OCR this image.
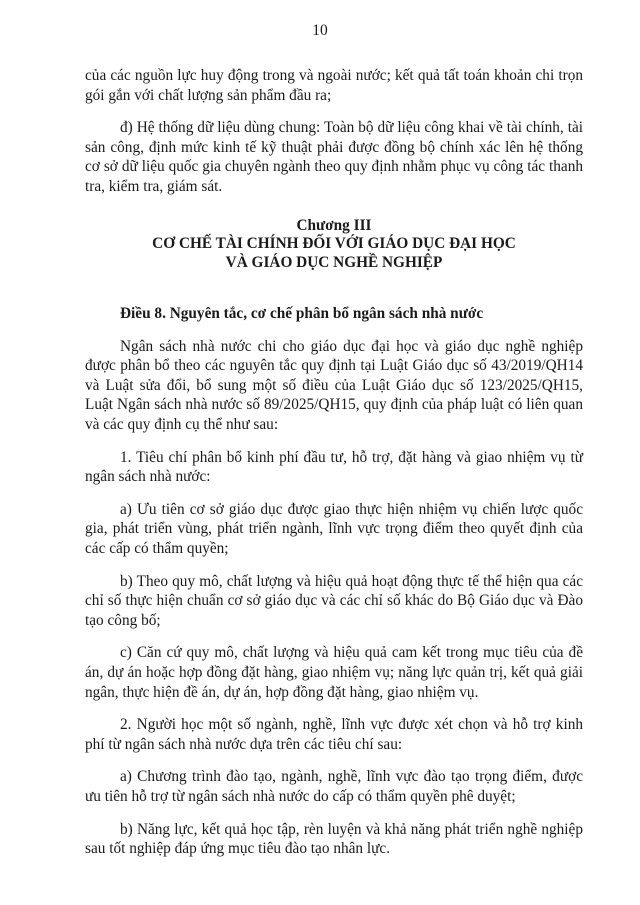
10

của các nguồn lực huy động trong và ngoài nước; kết quả tất toán khoản chi trọn gói gắn với chất lượng sản phẩm đầu ra;

đ) Hệ thống dữ liệu dùng chung: Toàn bộ dữ liệu công khai về tài chính, tài sản công, định mức kinh tế kỹ thuật phải được đồng bộ chính xác lên hệ thống cơ sở dữ liệu quốc gia chuyên ngành theo quy định nhằm phục vụ công tác thanh tra, kiểm tra, giám sát.

Chương III
CƠ CHẾ TÀI CHÍNH ĐỐI VỚI GIÁO DỤC ĐẠI HỌC
VÀ GIÁO DỤC NGHỀ NGHIỆP

Điều 8. Nguyên tắc, cơ chế phân bổ ngân sách nhà nước

Ngân sách nhà nước chi cho giáo dục đại học và giáo dục nghề nghiệp được phân bổ theo các nguyên tắc quy định tại Luật Giáo dục số 43/2019/QH14 và Luật sửa đổi, bổ sung một số điều của Luật Giáo dục số 123/2025/QH15, Luật Ngân sách nhà nước số 89/2025/QH15, quy định của pháp luật có liên quan và các quy định cụ thể như sau:

1. Tiêu chí phân bổ kinh phí đầu tư, hỗ trợ, đặt hàng và giao nhiệm vụ từ ngân sách nhà nước:

a) Ưu tiên cơ sở giáo dục được giao thực hiện nhiệm vụ chiến lược quốc gia, phát triển vùng, phát triển ngành, lĩnh vực trọng điểm theo quyết định của các cấp có thẩm quyền;

b) Theo quy mô, chất lượng và hiệu quả hoạt động thực tế thể hiện qua các chỉ số thực hiện chuẩn cơ sở giáo dục và các chỉ số khác do Bộ Giáo dục và Đào tạo công bố;

c) Căn cứ quy mô, chất lượng và hiệu quả cam kết trong mục tiêu của đề án, dự án hoặc hợp đồng đặt hàng, giao nhiệm vụ; năng lực quản trị, kết quả giải ngân, thực hiện đề án, dự án, hợp đồng đặt hàng, giao nhiệm vụ.

2. Người học một số ngành, nghề, lĩnh vực được xét chọn và hỗ trợ kinh phí từ ngân sách nhà nước dựa trên các tiêu chí sau:

a) Chương trình đào tạo, ngành, nghề, lĩnh vực đào tạo trọng điểm, được ưu tiên hỗ trợ từ ngân sách nhà nước do cấp có thẩm quyền phê duyệt;

b) Năng lực, kết quả học tập, rèn luyện và khả năng phát triển nghề nghiệp sau tốt nghiệp đáp ứng mục tiêu đào tạo nhân lực.
